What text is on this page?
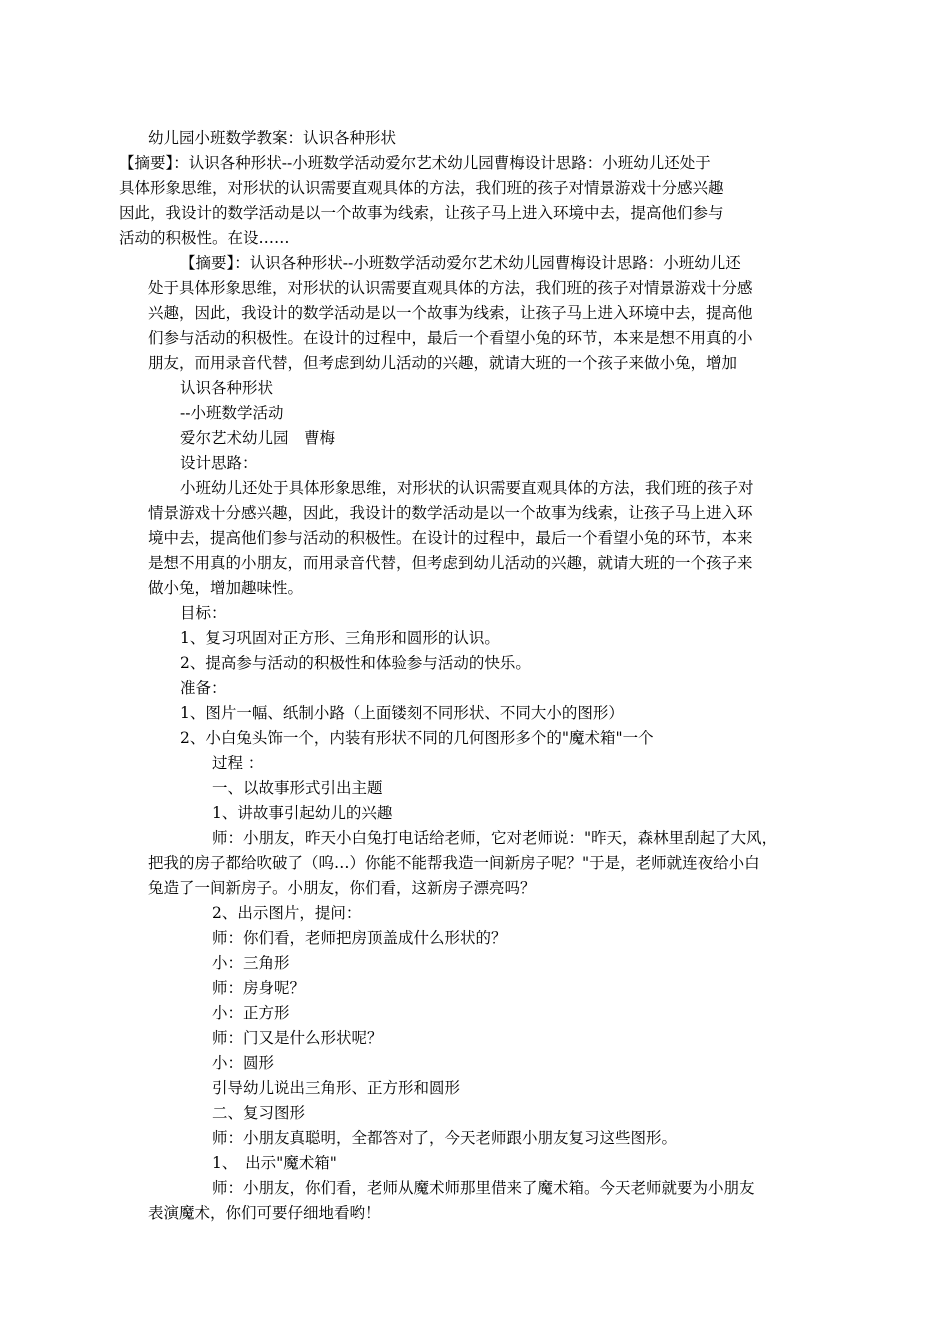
幼儿园小班数学教案：认识各种形状

【摘要】：认识各种形状--小班数学活动爱尔艺术幼儿园曹梅设计思路：小班幼儿还处于

具体形象思维，对形状的认识需要直观具体的方法，我们班的孩子对情景游戏十分感兴趣

因此，我设计的数学活动是以一个故事为线索，让孩子马上进入环境中去，提高他们参与

活动的积极性。在设……

【摘要】：认识各种形状--小班数学活动爱尔艺术幼儿园曹梅设计思路：小班幼儿还

处于具体形象思维，对形状的认识需要直观具体的方法，我们班的孩子对情景游戏十分感

兴趣，因此，我设计的数学活动是以一个故事为线索，让孩子马上进入环境中去，提高他

们参与活动的积极性。在设计的过程中，最后一个看望小兔的环节，本来是想不用真的小

朋友，而用录音代替，但考虑到幼儿活动的兴趣，就请大班的一个孩子来做小兔，增加

认识各种形状

--小班数学活动

爱尔艺术幼儿园　曹梅

设计思路：

小班幼儿还处于具体形象思维，对形状的认识需要直观具体的方法，我们班的孩子对

情景游戏十分感兴趣，因此，我设计的数学活动是以一个故事为线索，让孩子马上进入环

境中去，提高他们参与活动的积极性。在设计的过程中，最后一个看望小兔的环节，本来

是想不用真的小朋友，而用录音代替，但考虑到幼儿活动的兴趣，就请大班的一个孩子来

做小兔，增加趣味性。

目标：

1、复习巩固对正方形、三角形和圆形的认识。

2、提高参与活动的积极性和体验参与活动的快乐。

准备：

1、图片一幅、纸制小路（上面镂刻不同形状、不同大小的图形）

2、小白兔头饰一个，内装有形状不同的几何图形多个的"魔术箱"一个

过程 ：

一、以故事形式引出主题

1、讲故事引起幼儿的兴趣

师：小朋友，昨天小白兔打电话给老师，它对老师说："昨天，森林里刮起了大风，

把我的房子都给吹破了（呜…）你能不能帮我造一间新房子呢？"于是，老师就连夜给小白

兔造了一间新房子。小朋友，你们看，这新房子漂亮吗？

2、出示图片，提问：

师：你们看，老师把房顶盖成什么形状的？

小：三角形

师：房身呢？

小：正方形

师：门又是什么形状呢？

小：圆形

引导幼儿说出三角形、正方形和圆形

二、复习图形

师：小朋友真聪明，全都答对了，今天老师跟小朋友复习这些图形。

1、　出示"魔术箱"

师：小朋友，你们看，老师从魔术师那里借来了魔术箱。今天老师就要为小朋友

表演魔术，你们可要仔细地看哟！
